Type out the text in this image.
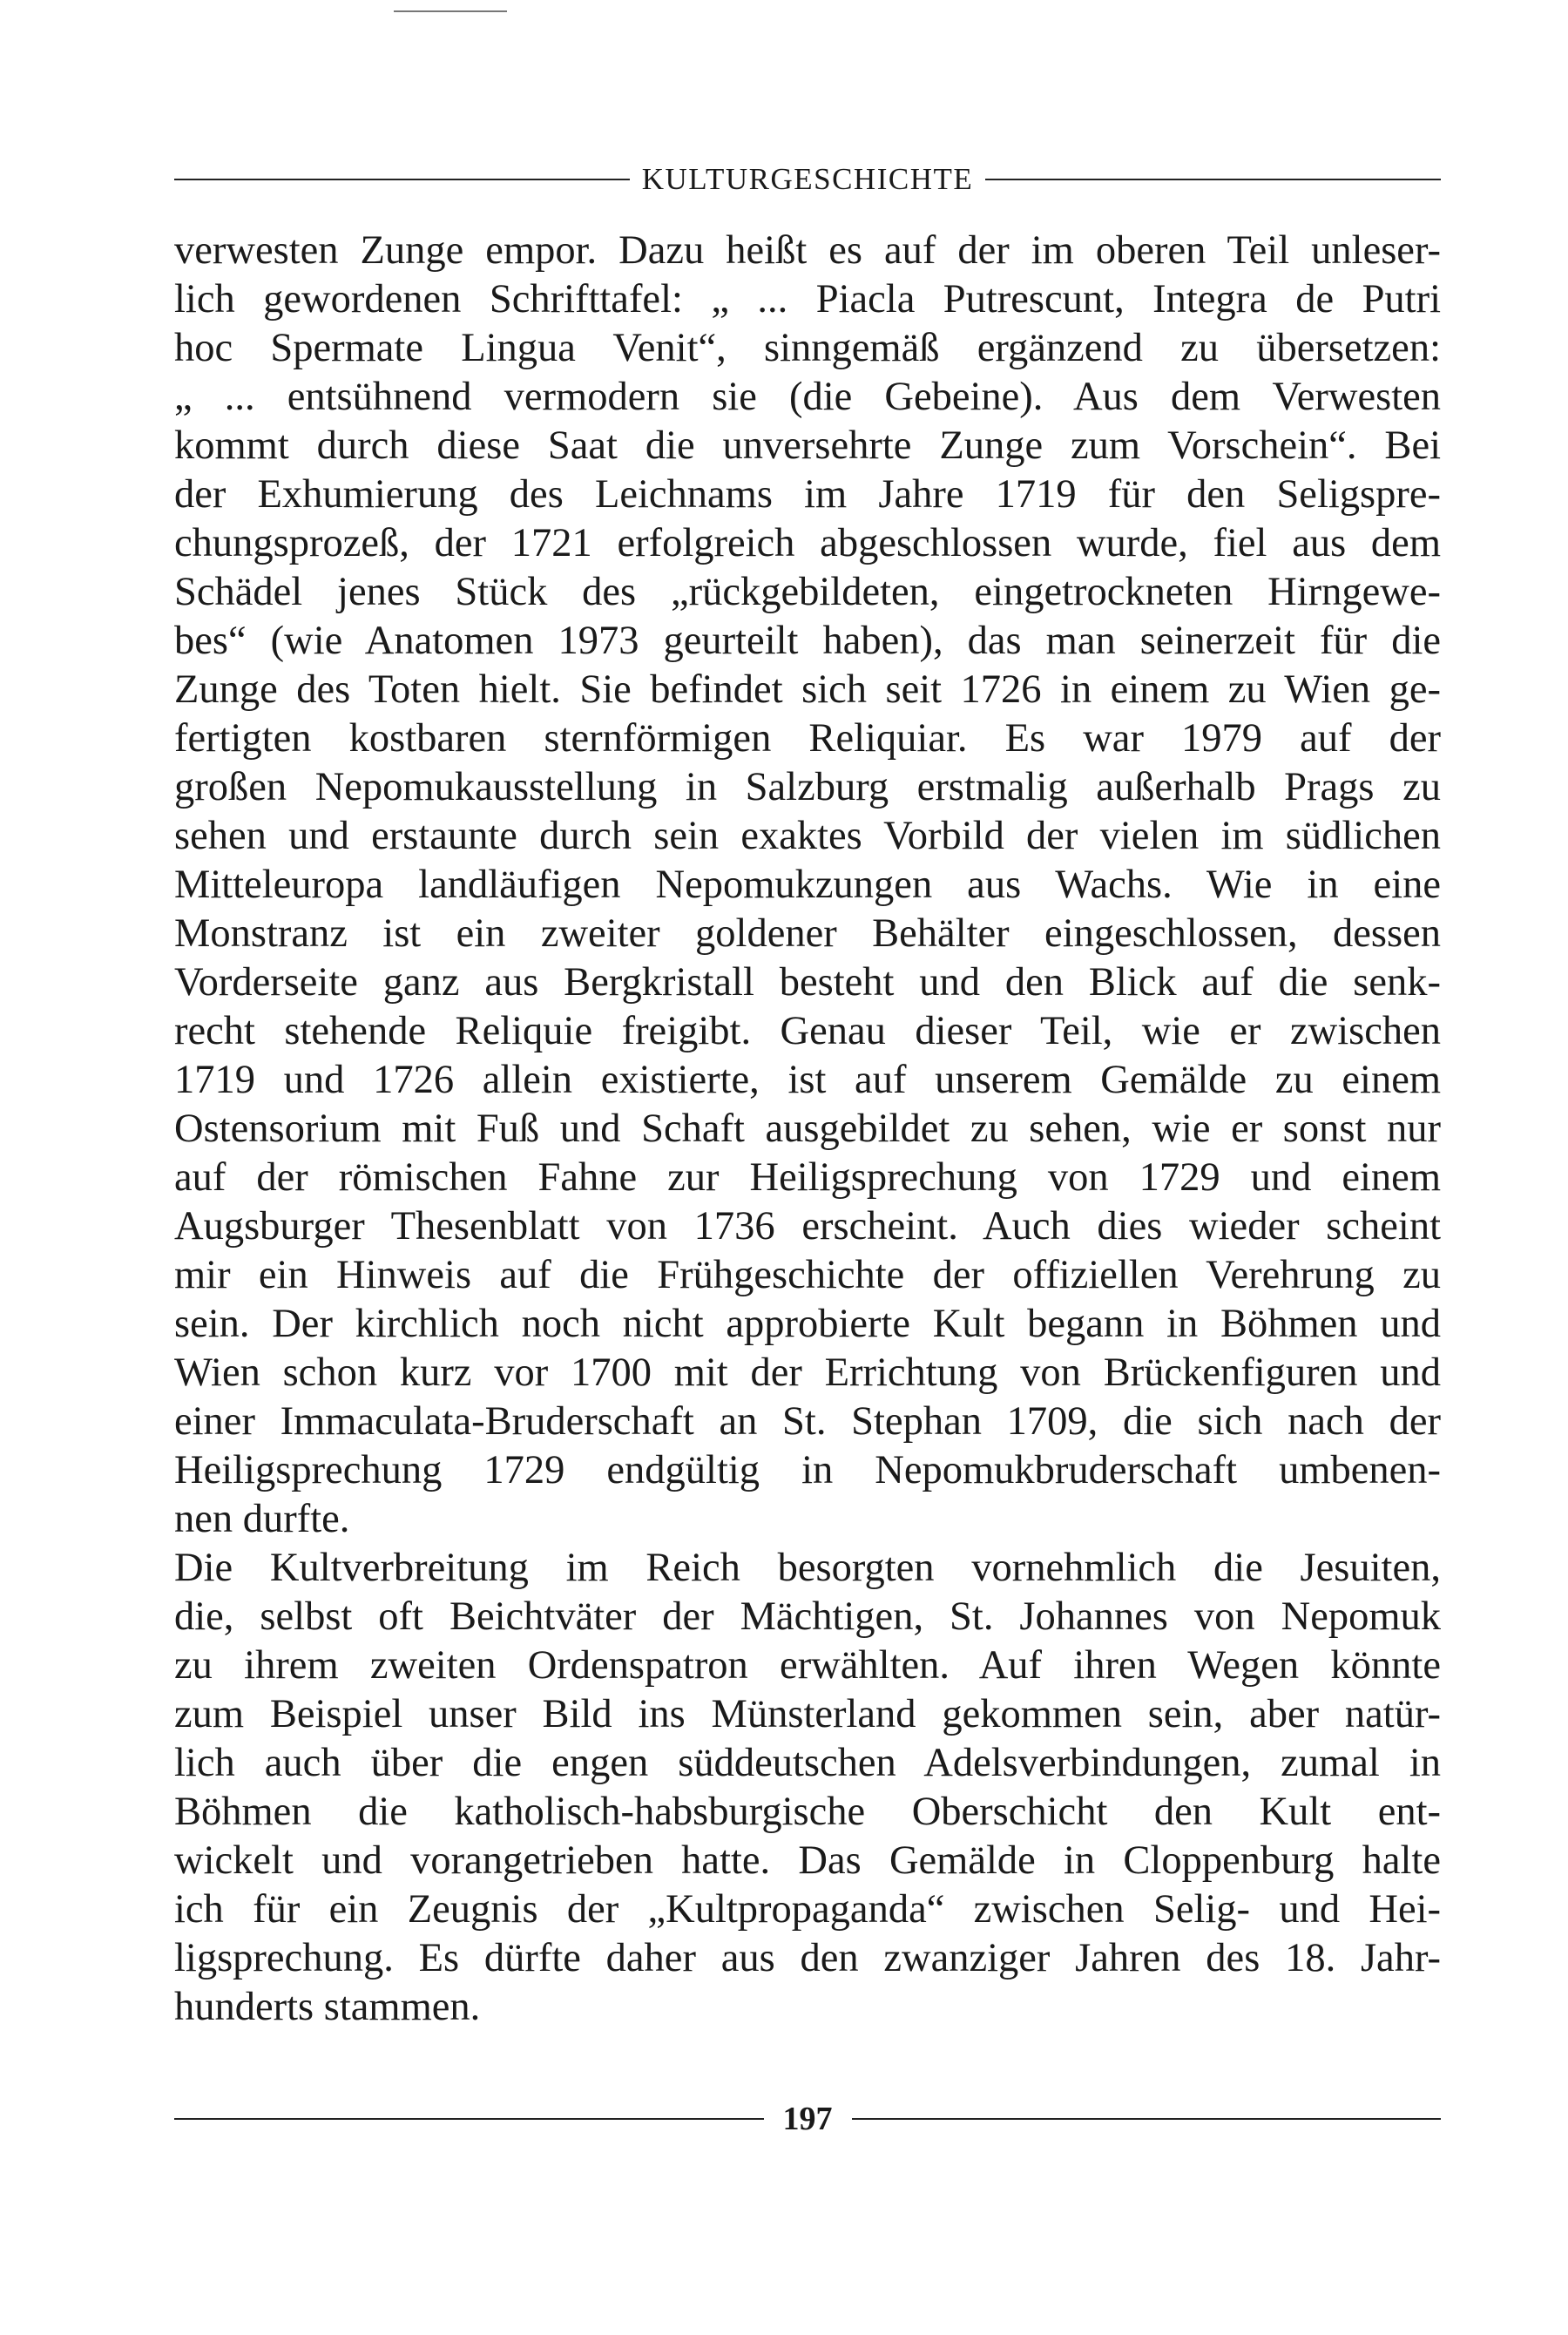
KULTURGESCHICHTE
verwesten Zunge empor. Dazu heißt es auf der im oberen Teil unleser-
lich gewordenen Schrifttafel: „ ... Piacla Putrescunt, Integra de Putri
hoc Spermate Lingua Venit“, sinngemäß ergänzend zu übersetzen:
„ ... entsühnend vermodern sie (die Gebeine). Aus dem Verwesten
kommt durch diese Saat die unversehrte Zunge zum Vorschein“. Bei
der Exhumierung des Leichnams im Jahre 1719 für den Seligspre-
chungsprozeß, der 1721 erfolgreich abgeschlossen wurde, fiel aus dem
Schädel jenes Stück des „rückgebildeten, eingetrockneten Hirngewe-
bes“ (wie Anatomen 1973 geurteilt haben), das man seinerzeit für die
Zunge des Toten hielt. Sie befindet sich seit 1726 in einem zu Wien ge-
fertigten kostbaren sternförmigen Reliquiar. Es war 1979 auf der
großen Nepomukausstellung in Salzburg erstmalig außerhalb Prags zu
sehen und erstaunte durch sein exaktes Vorbild der vielen im südlichen
Mitteleuropa landläufigen Nepomukzungen aus Wachs. Wie in eine
Monstranz ist ein zweiter goldener Behälter eingeschlossen, dessen
Vorderseite ganz aus Bergkristall besteht und den Blick auf die senk-
recht stehende Reliquie freigibt. Genau dieser Teil, wie er zwischen
1719 und 1726 allein existierte, ist auf unserem Gemälde zu einem
Ostensorium mit Fuß und Schaft ausgebildet zu sehen, wie er sonst nur
auf der römischen Fahne zur Heiligsprechung von 1729 und einem
Augsburger Thesenblatt von 1736 erscheint. Auch dies wieder scheint
mir ein Hinweis auf die Frühgeschichte der offiziellen Verehrung zu
sein. Der kirchlich noch nicht approbierte Kult begann in Böhmen und
Wien schon kurz vor 1700 mit der Errichtung von Brückenfiguren und
einer Immaculata-Bruderschaft an St. Stephan 1709, die sich nach der
Heiligsprechung 1729 endgültig in Nepomukbruderschaft umbenen-
nen durfte.
Die Kultverbreitung im Reich besorgten vornehmlich die Jesuiten,
die, selbst oft Beichtväter der Mächtigen, St. Johannes von Nepomuk
zu ihrem zweiten Ordenspatron erwählten. Auf ihren Wegen könnte
zum Beispiel unser Bild ins Münsterland gekommen sein, aber natür-
lich auch über die engen süddeutschen Adelsverbindungen, zumal in
Böhmen die katholisch-habsburgische Oberschicht den Kult ent-
wickelt und vorangetrieben hatte. Das Gemälde in Cloppenburg halte
ich für ein Zeugnis der „Kultpropaganda“ zwischen Selig- und Hei-
ligsprechung. Es dürfte daher aus den zwanziger Jahren des 18. Jahr-
hunderts stammen.
197
